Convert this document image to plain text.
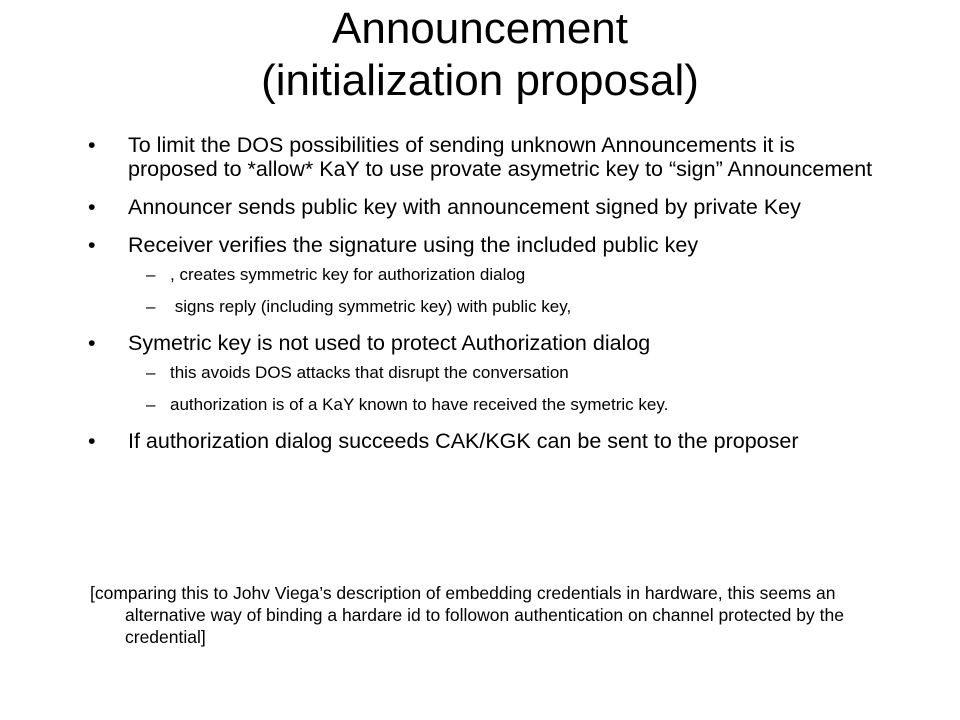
Announcement
(initialization proposal)
• To limit the DOS possibilities of sending unknown Announcements it is proposed to *allow* KaY to use provate asymetric key to “sign” Announcement
• Announcer sends public key with announcement signed by private Key
• Receiver verifies the signature using the included public key
– , creates symmetric key for authorization dialog
– signs reply (including symmetric key) with public key,
• Symetric key is not used to protect Authorization dialog
– this avoids DOS attacks that disrupt the conversation
– authorization is of a KaY known to have received the symetric key.
• If authorization dialog succeeds CAK/KGK can be sent to the proposer
[comparing this to Johv Viega’s description of embedding credentials in hardware, this seems an alternative way of binding a hardare id to followon authentication on channel protected by the credential]
